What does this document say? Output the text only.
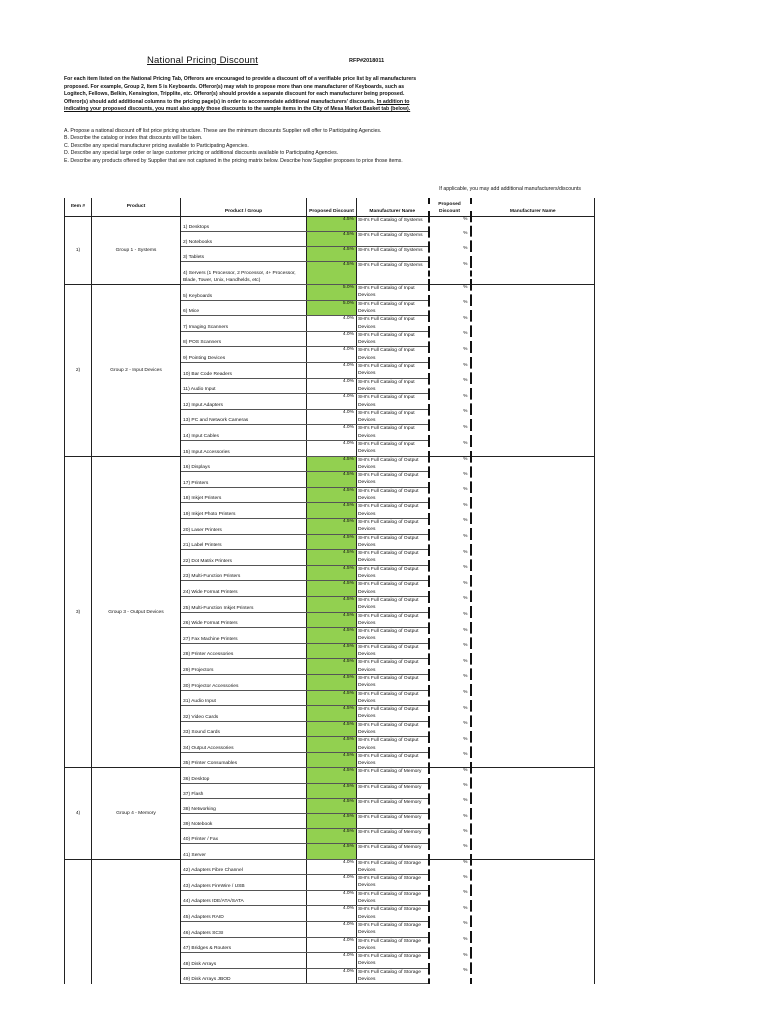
National Pricing Discount	RFP#2018011
For each item listed on the National Pricing Tab, Offerors are encouraged to provide a discount off of a verifiable price list by all manufacturers proposed. For example, Group 2, Item 5 is Keyboards. Offeror(s) may wish to propose more than one manufacturer of Keyboards, such as Logitech, Fellows, Belkin, Kensington, Tripplite, etc. Offeror(s) should provide a separate discount for each manufacturer being proposed. Offeror(s) should add additional columns to the pricing page(s) in order to accommodate additional manufacturers' discounts. In addition to indicating your proposed discounts, you must also apply those discounts to the sample items in the City of Mesa Market Basket tab (below).
A. Propose a national discount off list price pricing structure. These are the minimum discounts Supplier will offer to Participating Agencies.
B. Describe the catalog or index that discounts will be taken.
C. Describe any special manufacturer pricing available to Participating Agencies.
D. Describe any special large order or large customer pricing or additional discounts available to Participating Agencies.
E. Describe any products offered by Supplier that are not captured in the pricing matrix below. Describe how Supplier proposes to price those items.
If applicable, you may add additional manufacturers/discounts
Item #	Product	Product / Group	Proposed Discount	Manufacturer Name	Proposed Discount	Manufacturer Name
1)	Group 1 - Systems	1) Desktops	4.5%	SHI's Full Catalog of Systems	%	
		2) Notebooks	4.5%	SHI's Full Catalog of Systems	%	
		3) Tablets	4.5%	SHI's Full Catalog of Systems	%	
		4) Servers (1 Processor, 2 Processor, 4+ Processor, Blade, Tower, Unix, Handhelds, etc)	4.5%	SHI's Full Catalog of Systems	%	
2)	Group 2 - Input Devices	5) Keyboards	5.0%	SHI's Full Catalog of Input Devices	%	
		6) Mice	5.0%	SHI's Full Catalog of Input Devices	%	
		7) Imaging Scanners	4.0%	SHI's Full Catalog of Input Devices	%	
		8) POS Scanners	4.0%	SHI's Full Catalog of Input Devices	%	
		9) Pointing Devices	4.0%	SHI's Full Catalog of Input Devices	%	
		10) Bar Code Readers	4.0%	SHI's Full Catalog of Input Devices	%	
		11) Audio Input	4.0%	SHI's Full Catalog of Input Devices	%	
		12) Input Adapters	4.0%	SHI's Full Catalog of Input Devices	%	
		13) PC and Network Cameras	4.0%	SHI's Full Catalog of Input Devices	%	
		14) Input Cables	4.0%	SHI's Full Catalog of Input Devices	%	
		15) Input Accessories	4.0%	SHI's Full Catalog of Input Devices	%	
3)	Group 3 - Output Devices	16) Displays	4.5%	SHI's Full Catalog of Output Devices	%	
		17) Printers	4.5%	SHI's Full Catalog of Output Devices	%	
		18) Inkjet Printers	4.5%	SHI's Full Catalog of Output Devices	%	
		19) Inkjet Photo Printers	4.5%	SHI's Full Catalog of Output Devices	%	
		20) Laser Printers	4.5%	SHI's Full Catalog of Output Devices	%	
		21) Label Printers	4.5%	SHI's Full Catalog of Output Devices	%	
		22) Dot Matrix Printers	4.5%	SHI's Full Catalog of Output Devices	%	
		23) Multi-Function Printers	4.5%	SHI's Full Catalog of Output Devices	%	
		24) Wide Format Printers	4.5%	SHI's Full Catalog of Output Devices	%	
		25) Multi-Function Inkjet Printers	4.5%	SHI's Full Catalog of Output Devices	%	
		26) Wide Format Printers	4.5%	SHI's Full Catalog of Output Devices	%	
		27) Fax Machine Printers	4.5%	SHI's Full Catalog of Output Devices	%	
		28) Printer Accessories	4.5%	SHI's Full Catalog of Output Devices	%	
		29) Projectors	4.5%	SHI's Full Catalog of Output Devices	%	
		30) Projector Accessories	4.5%	SHI's Full Catalog of Output Devices	%	
		31) Audio Input	4.5%	SHI's Full Catalog of Output Devices	%	
		32) Video Cards	4.5%	SHI's Full Catalog of Output Devices	%	
		33) Sound Cards	4.5%	SHI's Full Catalog of Output Devices	%	
		34) Output Accessories	4.5%	SHI's Full Catalog of Output Devices	%	
		35) Printer Consumables	4.5%	SHI's Full Catalog of Output Devices	%	
4)	Group 4 - Memory	36) Desktop	4.5%	SHI's Full Catalog of Memory	%	
		37) Flash	4.5%	SHI's Full Catalog of Memory	%	
		38) Networking	4.5%	SHI's Full Catalog of Memory	%	
		39) Notebook	4.5%	SHI's Full Catalog of Memory	%	
		40) Printer / Fax	4.5%	SHI's Full Catalog of Memory	%	
		41) Server	4.5%	SHI's Full Catalog of Memory	%	
		42) Adapters Fibre Channel	4.0%	SHI's Full Catalog of Storage Devices	%	
		43) Adapters FireWire / USB	4.0%	SHI's Full Catalog of Storage Devices	%	
		44) Adapters IDE/ATA/SATA	4.0%	SHI's Full Catalog of Storage Devices	%	
		45) Adapters RAID	4.0%	SHI's Full Catalog of Storage Devices	%	
		46) Adapters SCSI	4.0%	SHI's Full Catalog of Storage Devices	%	
		47) Bridges & Routers	4.0%	SHI's Full Catalog of Storage Devices	%	
		48) Disk Arrays	4.0%	SHI's Full Catalog of Storage Devices	%	
		49) Disk Arrays JBOD	4.0%	SHI's Full Catalog of Storage Devices	%	
